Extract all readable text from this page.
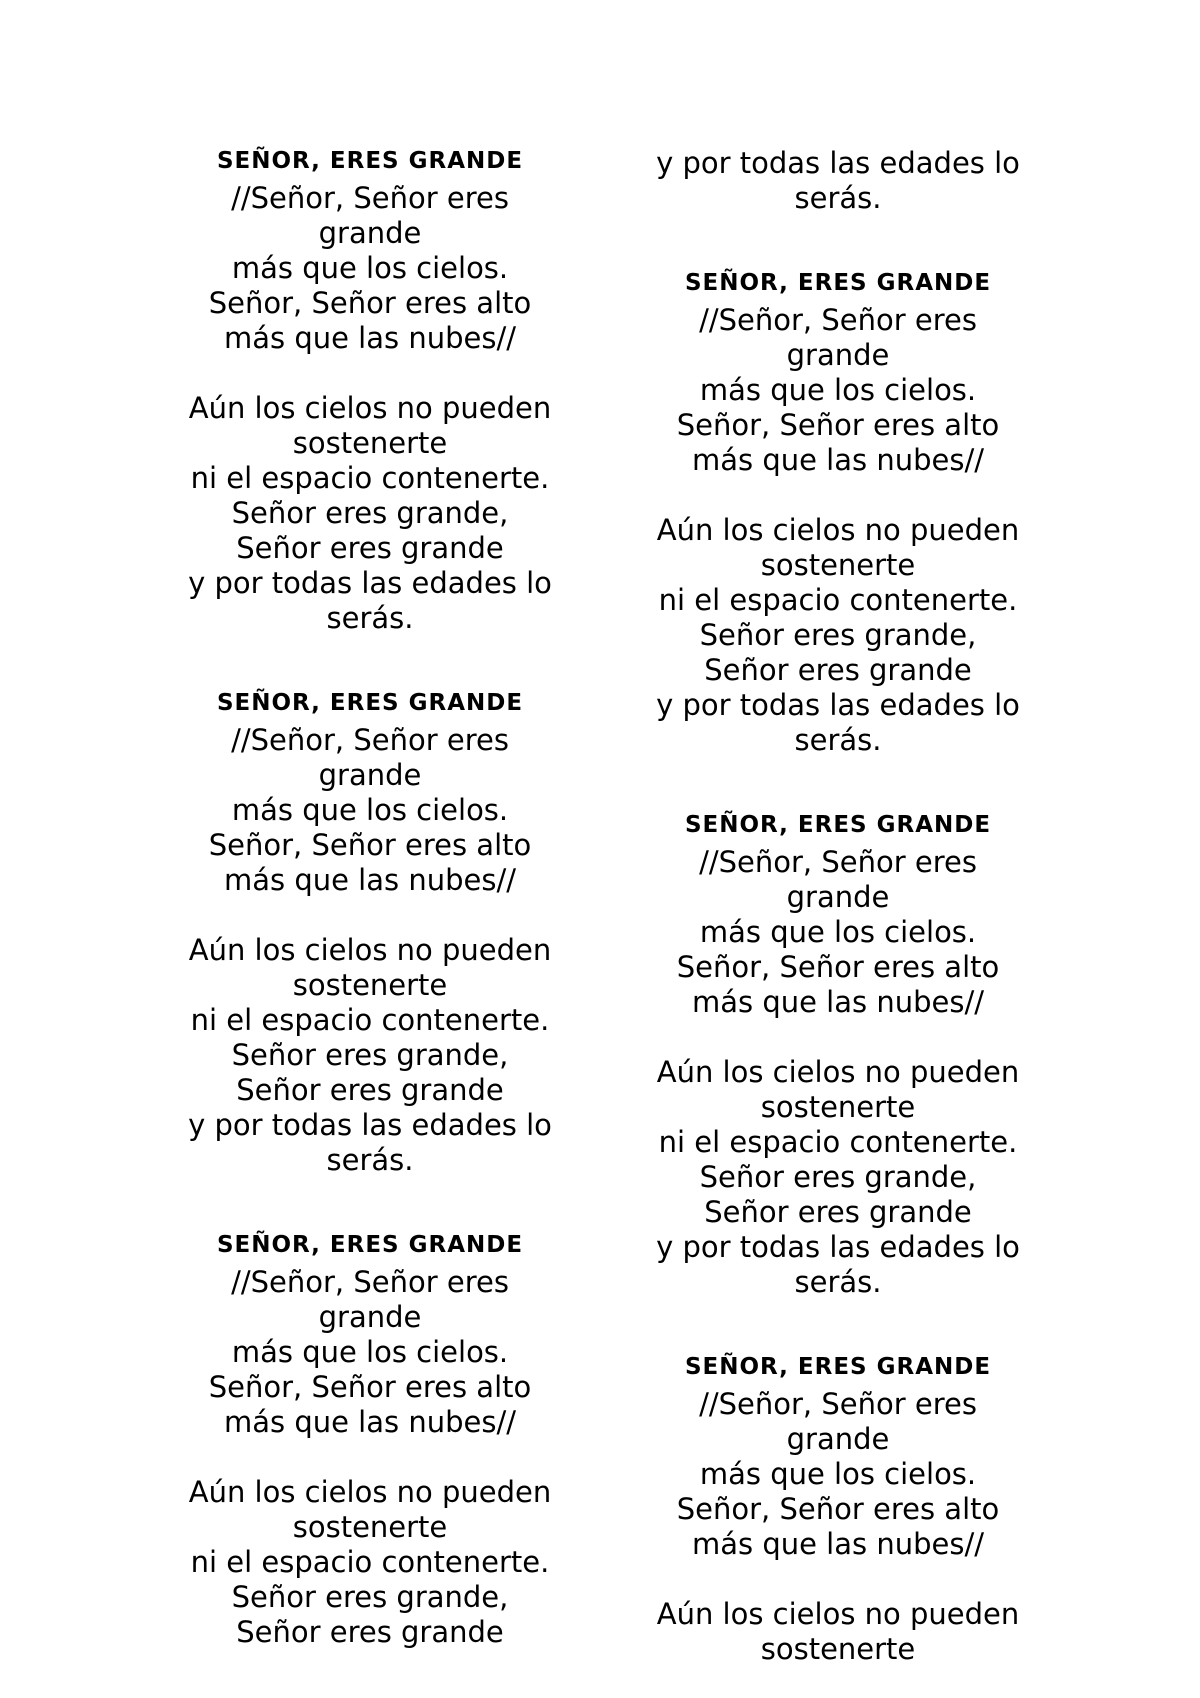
SEÑOR, ERES GRANDE

//Señor, Señor eres

grande

más que los cielos.

Señor, Señor eres alto

más que las nubes//

Aún los cielos no pueden

sostenerte

ni el espacio contenerte.

Señor eres grande,

Señor eres grande

y por todas las edades lo

serás.

SEÑOR, ERES GRANDE

//Señor, Señor eres

grande

más que los cielos.

Señor, Señor eres alto

más que las nubes//

Aún los cielos no pueden

sostenerte

ni el espacio contenerte.

Señor eres grande,

Señor eres grande

y por todas las edades lo

serás.

SEÑOR, ERES GRANDE

//Señor, Señor eres

grande

más que los cielos.

Señor, Señor eres alto

más que las nubes//

Aún los cielos no pueden

sostenerte

ni el espacio contenerte.

Señor eres grande,

Señor eres grande

y por todas las edades lo

serás.

SEÑOR, ERES GRANDE

//Señor, Señor eres

grande

más que los cielos.

Señor, Señor eres alto

más que las nubes//

Aún los cielos no pueden

sostenerte

ni el espacio contenerte.

Señor eres grande,

Señor eres grande

y por todas las edades lo

serás.

SEÑOR, ERES GRANDE

//Señor, Señor eres

grande

más que los cielos.

Señor, Señor eres alto

más que las nubes//

Aún los cielos no pueden

sostenerte

ni el espacio contenerte.

Señor eres grande,

Señor eres grande

y por todas las edades lo

serás.

SEÑOR, ERES GRANDE

//Señor, Señor eres

grande

más que los cielos.

Señor, Señor eres alto

más que las nubes//

Aún los cielos no pueden

sostenerte
